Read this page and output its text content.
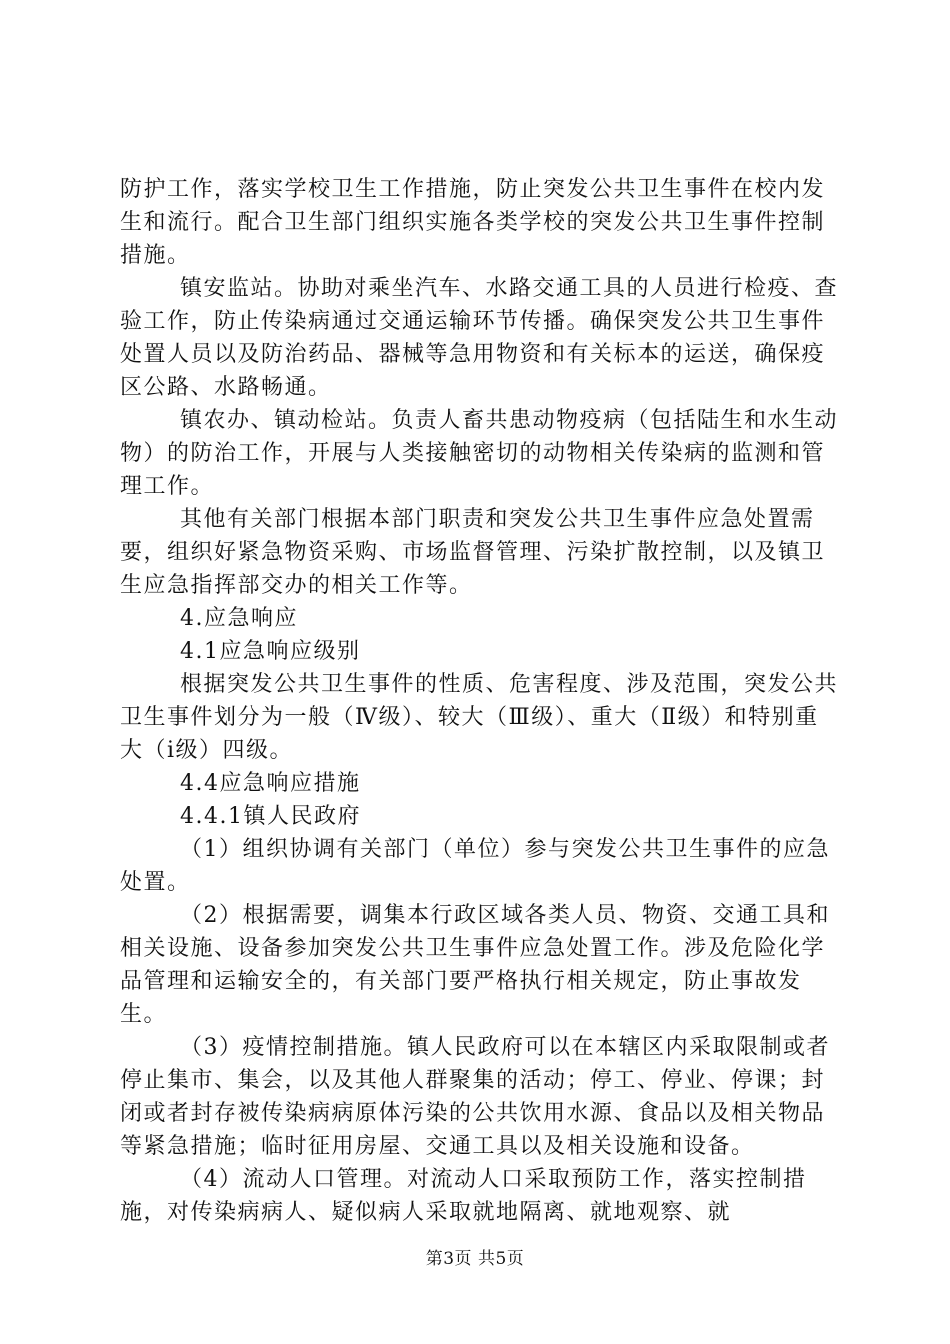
防护工作，落实学校卫生工作措施，防止突发公共卫生事件在校内发生和流行。配合卫生部门组织实施各类学校的突发公共卫生事件控制措施。

镇安监站。协助对乘坐汽车、水路交通工具的人员进行检疫、查验工作，防止传染病通过交通运输环节传播。确保突发公共卫生事件处置人员以及防治药品、器械等急用物资和有关标本的运送，确保疫区公路、水路畅通。

镇农办、镇动检站。负责人畜共患动物疫病（包括陆生和水生动物）的防治工作，开展与人类接触密切的动物相关传染病的监测和管理工作。

其他有关部门根据本部门职责和突发公共卫生事件应急处置需要，组织好紧急物资采购、市场监督管理、污染扩散控制，以及镇卫生应急指挥部交办的相关工作等。

4.应急响应

4.1应急响应级别

根据突发公共卫生事件的性质、危害程度、涉及范围，突发公共卫生事件划分为一般（Ⅳ级）、较大（Ⅲ级）、重大（Ⅱ级）和特别重大（ⅰ级）四级。

4.4应急响应措施

4.4.1镇人民政府

（1）组织协调有关部门（单位）参与突发公共卫生事件的应急处置。

（2）根据需要，调集本行政区域各类人员、物资、交通工具和相关设施、设备参加突发公共卫生事件应急处置工作。涉及危险化学品管理和运输安全的，有关部门要严格执行相关规定，防止事故发生。

（3）疫情控制措施。镇人民政府可以在本辖区内采取限制或者停止集市、集会，以及其他人群聚集的活动；停工、停业、停课；封闭或者封存被传染病病原体污染的公共饮用水源、食品以及相关物品等紧急措施；临时征用房屋、交通工具以及相关设施和设备。

（4）流动人口管理。对流动人口采取预防工作，落实控制措施，对传染病病人、疑似病人采取就地隔离、就地观察、就

第3页 共5页
